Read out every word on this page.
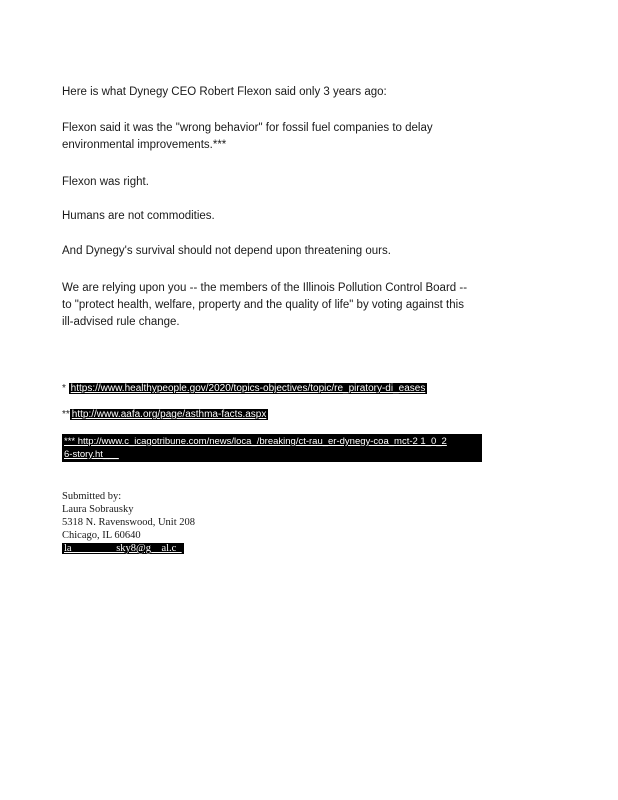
Here is what Dynegy CEO Robert Flexon said only 3 years ago:

Flexon said it was the "wrong behavior" for fossil fuel companies to delay

environmental improvements.***

Flexon was right.

Humans are not commodities.

And Dynegy's survival should not depend upon threatening ours.

We are relying upon you -- the members of the Illinois Pollution Control Board --

to "protect health, welfare, property and the quality of life" by voting against this

ill-advised rule change.

* https://www.healthypeople.gov/2020/topics-objectives/topic/re_piratory-di_eases
** http://www.aafa.org/page/asthma-facts.aspx
*** http://www.c_icagotribune.com/news/loca_/breaking/ct-rau_er-dynegy-coa_mct-2 1_0_2
6-story.ht___
Submitted by:
Laura Sobrausky
5318 N. Ravenswood, Unit 208
Chicago, IL 60640
la___ __ _ _sky8@g__al.c_
